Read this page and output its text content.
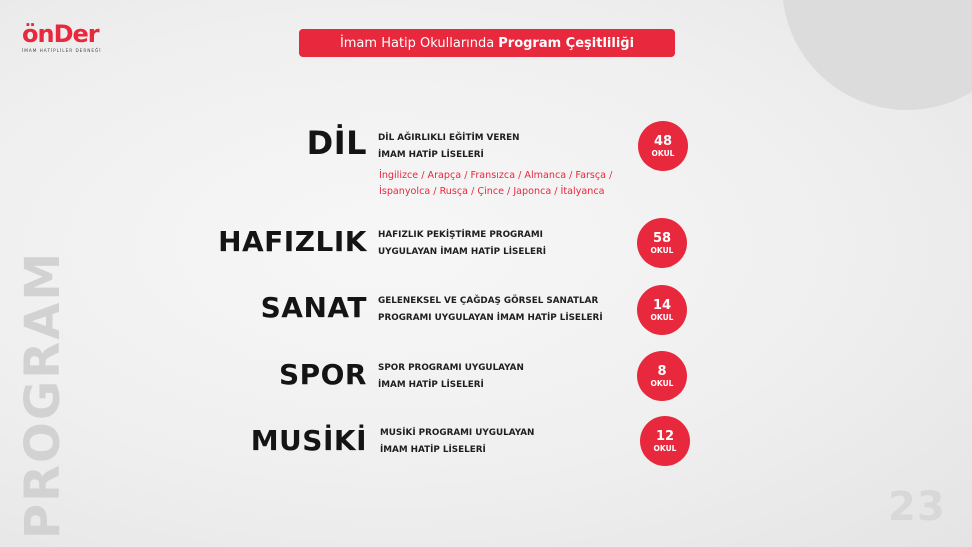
önDer
İMAM HATİPLİLER DERNEĞİ	İmam Hatip Okullarında Program Çeşitliliği
PROGRAM	23
DİL DİL AĞIRLIKLI EĞİTİM VEREN
İMAM HATİP LİSELERİ
İngilizce / Arapça / Fransızca / Almanca / Farsça /
İspanyolca / Rusça / Çince / Japonca / İtalyanca
48
OKUL
HAFIZLIK HAFIZLIK PEKİŞTİRME PROGRAMI
UYGULAYAN İMAM HATİP LİSELERİ
58
OKUL
SANAT GELENEKSEL VE ÇAĞDAŞ GÖRSEL SANATLAR
PROGRAMI UYGULAYAN İMAM HATİP LİSELERİ
14
OKUL
SPOR SPOR PROGRAMI UYGULAYAN
İMAM HATİP LİSELERİ
8
OKUL
MUSİKİ MUSİKİ PROGRAMI UYGULAYAN
İMAM HATİP LİSELERİ
12
OKUL
